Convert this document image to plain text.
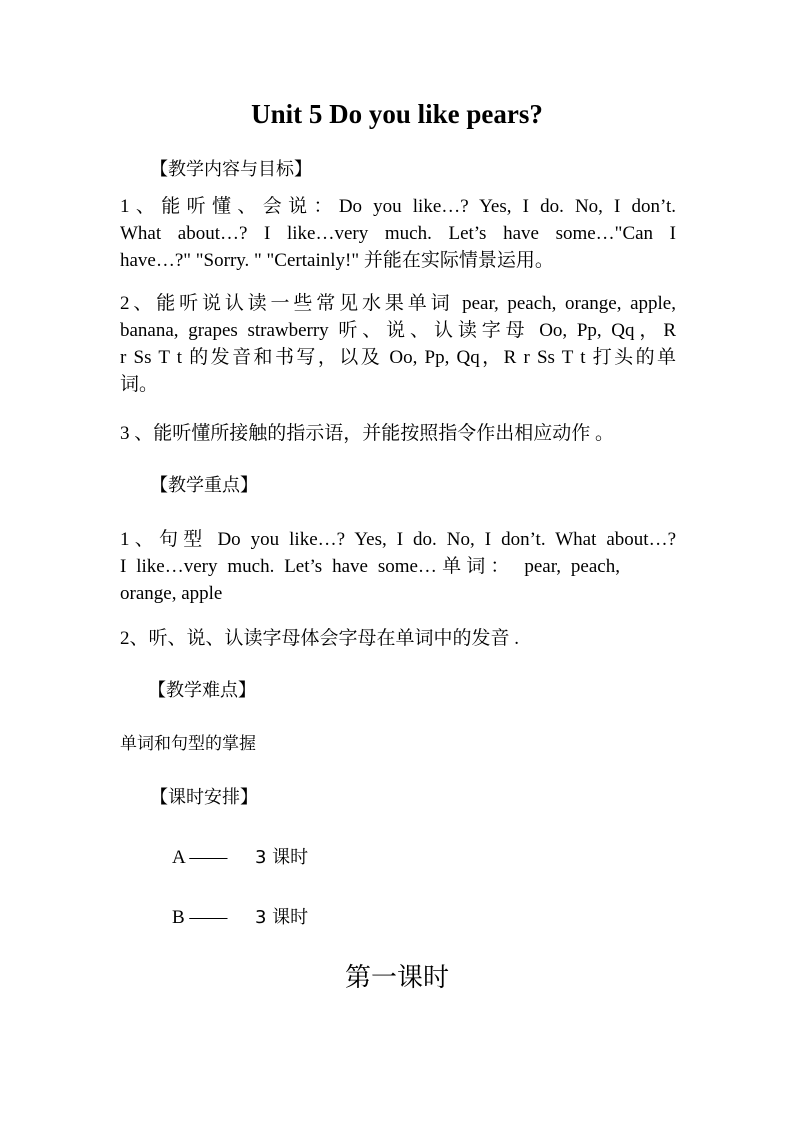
Unit 5 Do you like pears?
【教学内容与目标】
1、能听懂、会说：Do you like…? Yes, I do. No, I don’t.
What about…? I like…very much. Let’s have some…"Can I
have…?" "Sorry. " "Certainly!" 并能在实际情景运用。
2、能听说认读一些常见水果单词 pear, peach, orange, apple,
banana, grapes strawberry 听、说、认读字母 Oo, Pp, Qq，R
r Ss T t 的发音和书写，以及 Oo, Pp, Qq，R r Ss T t 打头的单
词。
3 、能听懂所接触的指示语，并能按照指令作出相应动作 。
【教学重点】
1、句型 Do you like…? Yes, I do. No, I don’t. What about…?
I like…very much. Let’s have some…单词： pear, peach,
orange, apple
2、听、说、认读字母体会字母在单词中的发音 .
【教学难点】
单词和句型的掌握
【课时安排】
A —— 3 课时
B —— 3 课时
第一课时
